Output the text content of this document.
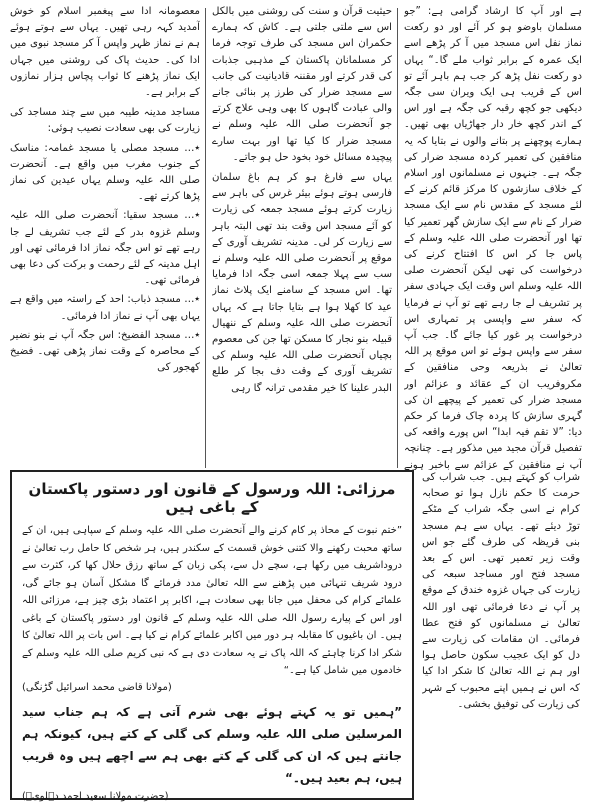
ہے اور آپ کا ارشاد گرامی ہے: ”جو مسلمان باوضو ہو کر آئے اور دو رکعت نماز نفل اس مسجد میں آ کر پڑھے اسے ایک عمرہ کے برابر ثواب ملے گا۔“ یہاں دو رکعت نفل پڑھ کر جب ہم باہر آئے تو اس کے قریب ہی ایک ویران سی جگہ دیکھی جو کچھ رقبہ کی جگہ ہے اور اس کے اندر کچھ خار دار جھاڑیاں بھی تھیں۔ ہمارے پوچھنے پر بتانے والوں نے بتایا کہ یہ منافقین کی تعمیر کردہ مسجد ضرار کی جگہ ہے۔ جنہوں نے مسلمانوں اور اسلام کے خلاف سازشوں کا مرکز قائم کرنے کے لئے مسجد کے مقدس نام سے ایک مسجد ضرار کے نام سے ایک سازش گھر تعمیر کیا تھا اور آنحضرت صلی اللہ علیہ وسلم کے پاس جا کر اس کا افتتاح کرنے کی درخواست کی تھی لیکن آنحضرت صلی اللہ علیہ وسلم اس وقت ایک جہادی سفر پر تشریف لے جا رہے تھے تو آپ نے فرمایا کہ سفر سے واپسی پر تمہاری اس درخواست پر غور کیا جائے گا۔ جب آپ سفر سے واپس ہوئے تو اس موقع پر اللہ تعالیٰ نے بذریعہ وحی منافقین کے مکروفریب ان کے عقائد و عزائم اور مسجد ضرار کی تعمیر کے پیچھے ان کی گہری سازش کا پردہ چاک فرما کر حکم دیا: ”لا تقم فیہ ابدا“ اس پورے واقعہ کی تفصیل قرآن مجید میں مذکور ہے۔ چنانچہ آپ نے منافقین کے عزائم سے باخبر ہونے

حیثیت قرآن و سنت کی روشنی میں بالکل اس سے ملتی جلتی ہے۔ کاش کہ ہمارے حکمران اس مسجد کی طرف توجہ فرما کر مسلمانان پاکستان کے مذہبی جذبات کی قدر کرتے اور مقننہ قادیانیت کی جانب سے مسجد ضرار کی طرز پر بنائی جانے والی عبادت گاہوں کا بھی وہی علاج کرتے جو آنحضرت صلی اللہ علیہ وسلم نے مسجد ضرار کا کیا تھا اور بہت سارے پیچیدہ مسائل خود بخود حل ہو جاتے۔

یہاں سے فارغ ہو کر ہم باغ سلمان فارسی ہوتے ہوئے بیئر غرس کی باہر سے زیارت کرتے ہوئے مسجد جمعہ کی زیارت کو آئے مسجد اس وقت بند تھی البتہ باہر سے زیارت کر لی۔ مدینہ تشریف آوری کے موقع پر آنحضرت صلی اللہ علیہ وسلم نے سب سے پہلا جمعہ اسی جگہ ادا فرمایا تھا۔ اس مسجد کے سامنے ایک پلاٹ نماز عید کا کھلا ہوا ہے بتایا جاتا ہے کہ یہاں آنحضرت صلی اللہ علیہ وسلم کے ننھیال قبیلہ بنو نجار کا مسکن تھا جن کی معصوم بچیاں آنحضرت صلی اللہ علیہ وسلم کی تشریف آوری کے وقت دف بجا کر طلع البدر علینا کا خیر مقدمی ترانہ گا رہی

معصومانہ ادا سے پیغمبر اسلام کو خوش آمدید کہہ رہی تھیں۔ یہاں سے ہوتے ہوئے ہم نے نماز ظہر واپس آ کر مسجد نبوی میں ادا کی۔ حدیث پاک کی روشنی میں جہاں ایک نماز پڑھنے کا ثواب پچاس ہزار نمازوں کے برابر ہے۔

مساجد مدینہ طیبہ میں سے چند مساجد کی زیارت کی بھی سعادت نصیب ہوئی:

٭… مسجد مصلی یا مسجد غمامہ: مناسک کے جنوب مغرب میں واقع ہے۔ آنحضرت صلی اللہ علیہ وسلم یہاں عیدین کی نماز پڑھا کرتے تھے۔

٭… مسجد سقیا: آنحضرت صلی اللہ علیہ وسلم غزوہ بدر کے لئے جب تشریف لے جا رہے تھے تو اس جگہ نماز ادا فرمائی تھی اور اہل مدینہ کے لئے رحمت و برکت کی دعا بھی فرمائی تھی۔

٭… مسجد ذباب: احد کے راستہ میں واقع ہے یہاں بھی آپ نے نماز ادا فرمائی۔

٭… مسجد الفضیخ: اس جگہ آپ نے بنو نضیر کے محاصرہ کے وقت نماز پڑھی تھی۔ فضیخ کھجور کی

مرزائی: اللہ ورسول کے قانون اور دستور پاکستان کے باغی ہیں

”ختم نبوت کے محاذ پر کام کرنے والے آنحضرت صلی اللہ علیہ وسلم کے سپاہی ہیں، ان کے ساتھ محبت رکھنے والا کتنی خوش قسمت کے سکندر ہیں، ہر شخص کا حامل رب تعالیٰ نے دروداشریف میں رکھا ہے، سچے دل سے، پکی زبان کے ساتھ رزق حلال کھا کر، کثرت سے درود شریف تنہائی میں پڑھنے سے اللہ تعالیٰ مدد فرمائے گا مشکل آسان ہو جائے گی، علمائے کرام کی محفل میں جانا بھی سعادت ہے، اکابر پر اعتماد بڑی چیز ہے، مرزائی اللہ اور اس کے پیارے رسول اللہ صلی اللہ علیہ وسلم کے قانون اور دستور پاکستان کے باغی ہیں۔ ان باغیوں کا مقابلہ ہر دور میں اکابر علمائے کرام نے کیا ہے۔ اس بات پر اللہ تعالیٰ کا شکر ادا کرنا چاہئے کہ اللہ پاک نے یہ سعادت دی ہے کہ نبی کریم صلی اللہ علیہ وسلم کے خادموں میں شامل کیا ہے۔“

(مولانا قاضی محمد اسرائیل گڑنگی)

”ہمیں تو یہ کہتے ہوئے بھی شرم آتی ہے کہ ہم جناب سید المرسلین صلی اللہ علیہ وسلم کی گلی کے کتے ہیں، کیونکہ ہم جانتے ہیں کہ ان کی گلی کے کتے بھی ہم سے اچھے ہیں وہ قریب ہیں، ہم بعید ہیں۔“

(حضرت مولانا سعید احمد دہلویؒ)

شراب کو کہتے ہیں۔ جب شراب کی حرمت کا حکم نازل ہوا تو صحابہ کرام نے اسی جگہ شراب کے مٹکے توڑ دیئے تھے۔ یہاں سے ہم مسجد بنی قریظہ کی طرف گئے جو اس وقت زیر تعمیر تھی۔ اس کے بعد مسجد فتح اور مساجد سبعہ کی زیارت کی جہاں غزوہ خندق کے موقع پر آپ نے دعا فرمائی تھی اور اللہ تعالیٰ نے مسلمانوں کو فتح عطا فرمائی۔ ان مقامات کی زیارت سے دل کو ایک عجیب سکون حاصل ہوا اور ہم نے اللہ تعالیٰ کا شکر ادا کیا کہ اس نے ہمیں اپنے محبوب کے شہر کی زیارت کی توفیق بخشی۔
